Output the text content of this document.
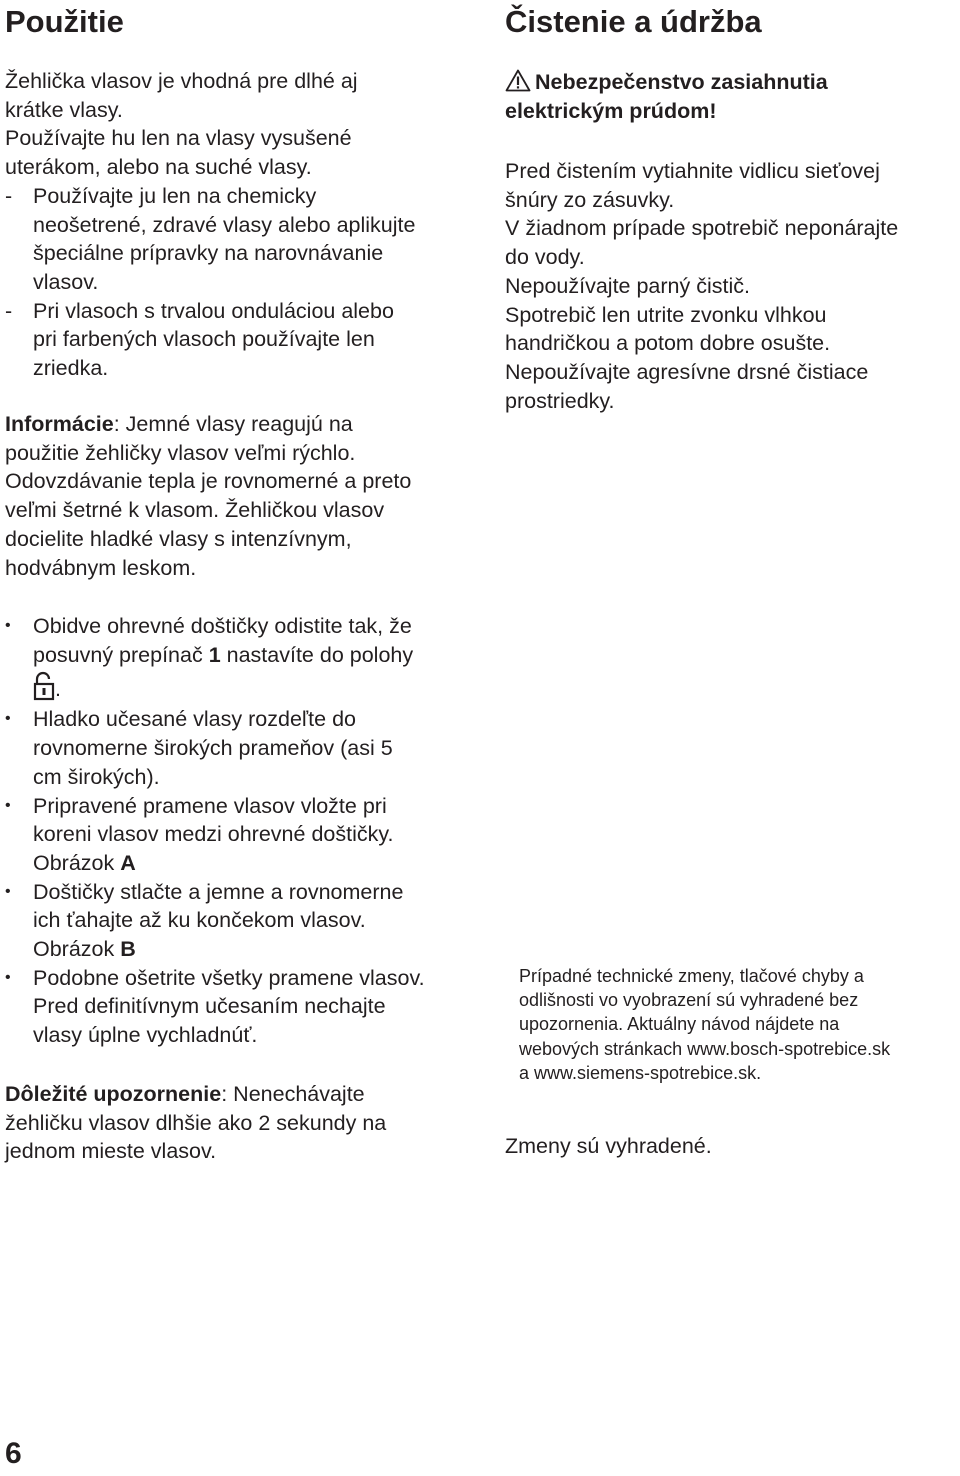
Použitie

Žehlička vlasov je vhodná pre dlhé aj

krátke vlasy.

Používajte hu len na vlasy vysušené

uterákom, alebo na suché vlasy.

- Používajte ju len na chemicky

neošetrené, zdravé vlasy alebo aplikujte

špeciálne prípravky na narovnávanie

vlasov.

- Pri vlasoch s trvalou onduláciou alebo

pri farbených vlasoch používajte len

zriedka.

Informácie: Jemné vlasy reagujú na

použitie žehličky vlasov veľmi rýchlo.

Odovzdávanie tepla je rovnomerné a preto

veľmi šetrné k vlasom. Žehličkou vlasov

docielite hladké vlasy s intenzívnym,

hodvábnym leskom.

• Obidve ohrevné doštičky odistite tak, že

posuvný prepínač 1 nastavíte do polohy

.
• Hladko učesané vlasy rozdeľte do

rovnomerne širokých prameňov (asi 5

cm širokých).

• Pripravené pramene vlasov vložte pri

koreni vlasov medzi ohrevné doštičky.

Obrázok A

• Doštičky stlačte a jemne a rovnomerne

ich ťahajte až ku končekom vlasov.

Obrázok B

• Podobne ošetrite všetky pramene vlasov.

Pred definitívnym učesaním nechajte

vlasy úplne vychladnúť.

Dôležité upozornenie: Nenechávajte

žehličku vlasov dlhšie ako 2 sekundy na

jednom mieste vlasov.

Čistenie a údržba

Nebezpečenstvo zasiahnutia

elektrickým prúdom!

Pred čistením vytiahnite vidlicu sieťovej

šnúry zo zásuvky.

V žiadnom prípade spotrebič neponárajte

do vody.

Nepoužívajte parný čistič.

Spotrebič len utrite zvonku vlhkou

handričkou a potom dobre osušte.

Nepoužívajte agresívne drsné čistiace

prostriedky.

Prípadné technické zmeny, tlačové chyby a

odlišnosti vo vyobrazení sú vyhradené bez

upozornenia. Aktuálny návod nájdete na

webových stránkach www.bosch-spotrebice.sk

a www.siemens-spotrebice.sk.

Zmeny sú vyhradené.

6
